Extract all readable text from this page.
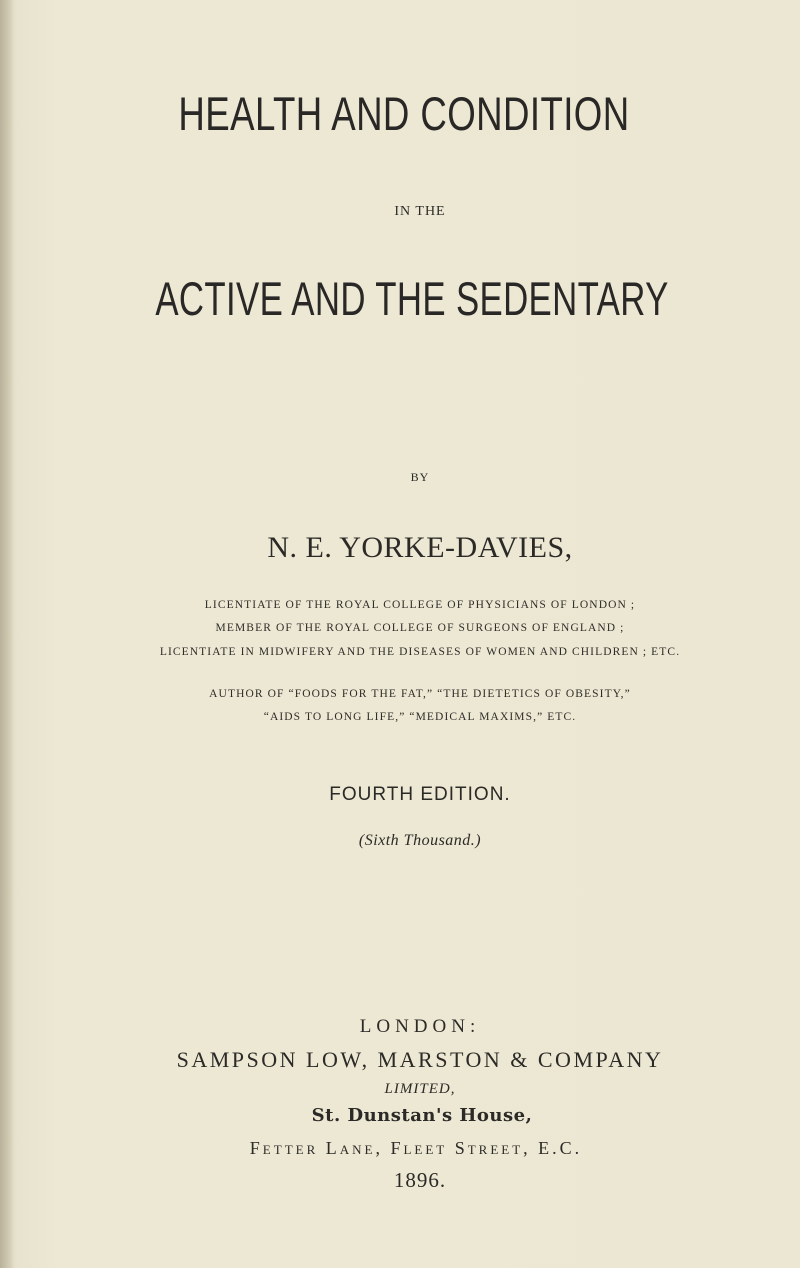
HEALTH AND CONDITION
IN THE
ACTIVE AND THE SEDENTARY
BY
N. E. YORKE-DAVIES,
LICENTIATE OF THE ROYAL COLLEGE OF PHYSICIANS OF LONDON ;
MEMBER OF THE ROYAL COLLEGE OF SURGEONS OF ENGLAND ;
LICENTIATE IN MIDWIFERY AND THE DISEASES OF WOMEN AND CHILDREN ; ETC.
AUTHOR OF “FOODS FOR THE FAT,” “THE DIETETICS OF OBESITY,”
“AIDS TO LONG LIFE,” “MEDICAL MAXIMS,” ETC.
FOURTH EDITION.
(Sixth Thousand.)
LONDON:
SAMPSON LOW, MARSTON & COMPANY
LIMITED,
St. Dunstan's House,
Fetter Lane, Fleet Street, E.C.
1896.
